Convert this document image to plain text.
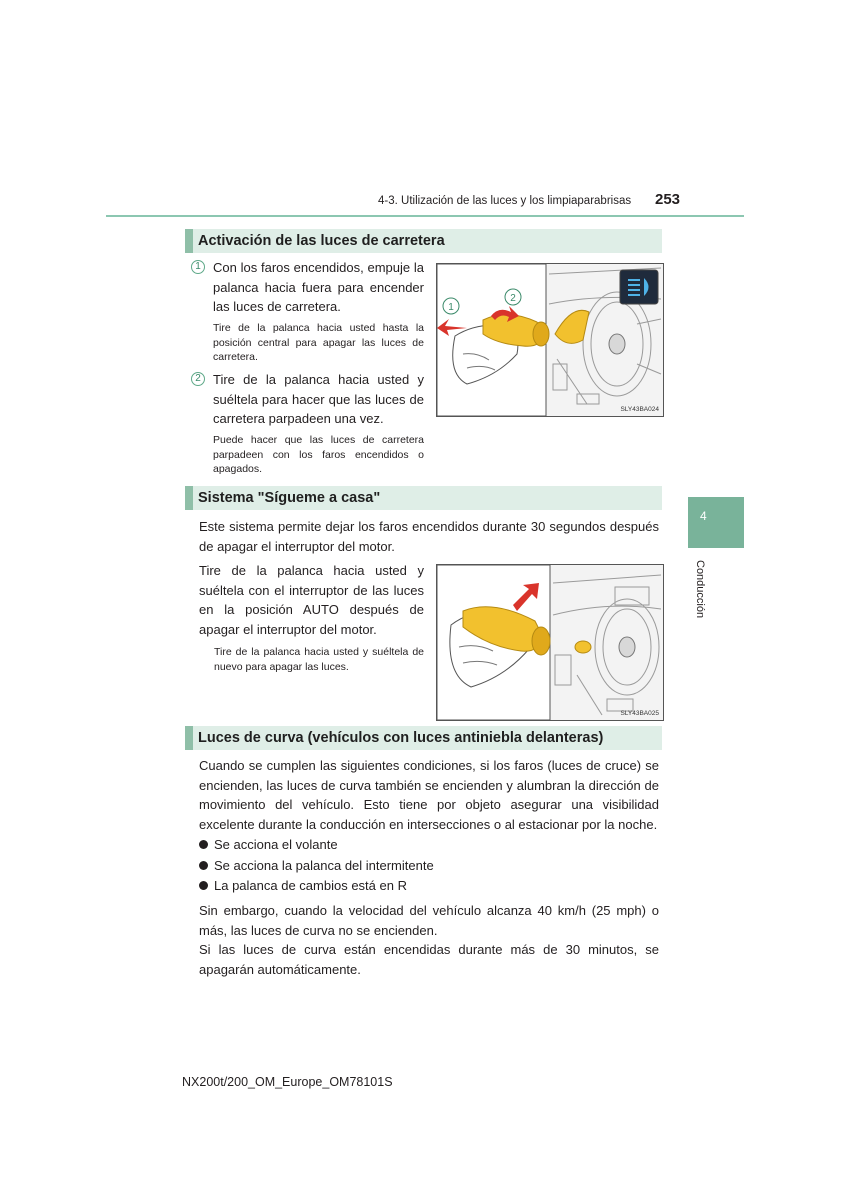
4-3. Utilización de las luces y los limpiaparabrisas 253
4
Conducción
Activación de las luces de carretera
1 Con los faros encendidos, empuje la palanca hacia fuera para encender las luces de carretera.
Tire de la palanca hacia usted hasta la posición central para apagar las luces de carretera.
2 Tire de la palanca hacia usted y suéltela para hacer que las luces de carretera parpadeen una vez.
Puede hacer que las luces de carretera parpadeen con los faros encendidos o apagados.
1
2
SLY43BA024
Sistema "Sígueme a casa"
Este sistema permite dejar los faros encendidos durante 30 segundos después de apagar el interruptor del motor.
Tire de la palanca hacia usted y suéltela con el interruptor de las luces en la posición AUTO después de apagar el interruptor del motor.
Tire de la palanca hacia usted y suéltela de nuevo para apagar las luces.
SLY43BA025
Luces de curva (vehículos con luces antiniebla delanteras)
Cuando se cumplen las siguientes condiciones, si los faros (luces de cruce) se encienden, las luces de curva también se encienden y alumbran la dirección de movimiento del vehículo. Esto tiene por objeto asegurar una visibilidad excelente durante la conducción en intersecciones o al estacionar por la noche.
Se acciona el volante
Se acciona la palanca del intermitente
La palanca de cambios está en R
Sin embargo, cuando la velocidad del vehículo alcanza 40 km/h (25 mph) o más, las luces de curva no se encienden.
Si las luces de curva están encendidas durante más de 30 minutos, se apagarán automáticamente.
NX200t/200_OM_Europe_OM78101S
